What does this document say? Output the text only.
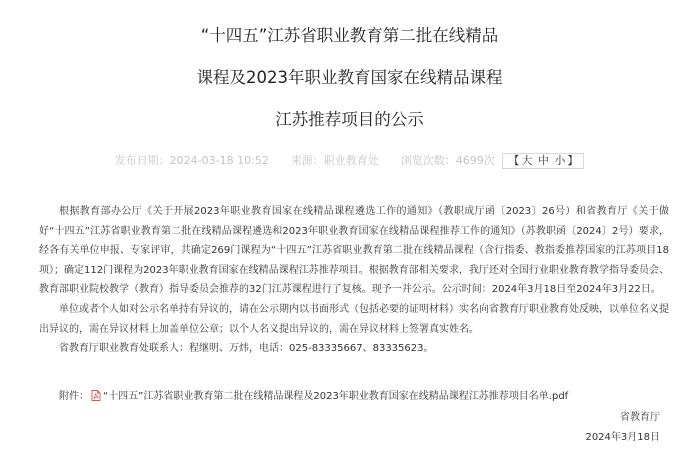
“十四五”江苏省职业教育第二批在线精品
课程及2023年职业教育国家在线精品课程
江苏推荐项目的公示
发布日期：2024-03-18 10:52 来源：职业教育处 浏览次数：4699次 【 大 中 小 】

根据教育部办公厅《关于开展2023年职业教育国家在线精品课程遴选工作的通知》（教职成厅函〔2023〕26号）和省教育厅《关于做好“十四五”江苏省职业教育第二批在线精品课程遴选和2023年职业教育国家在线精品课程推荐工作的通知》（苏教职函〔2024〕2号）要求，经各有关单位申报、专家评审，共确定269门课程为“十四五”江苏省职业教育第二批在线精品课程（含行指委、教指委推荐国家的江苏项目18项）；确定112门课程为2023年职业教育国家在线精品课程江苏推荐项目。根据教育部相关要求，我厅还对全国行业职业教育教学指导委员会、教育部职业院校教学（教育）指导委员会推荐的32门江苏课程进行了复核。现予一并公示。公示时间：2024年3月18日至2024年3月22日。

单位或者个人如对公示名单持有异议的，请在公示期内以书面形式（包括必要的证明材料）实名向省教育厅职业教育处反映，以单位名义提出异议的，需在异议材料上加盖单位公章；以个人名义提出异议的，需在异议材料上签署真实姓名。

省教育厅职业教育处联系人：程继明、万炜，电话：025-83335667、83335623。

附件： “十四五”江苏省职业教育第二批在线精品课程及2023年职业教育国家在线精品课程江苏推荐项目名单.pdf
省教育厅
2024年3月18日
